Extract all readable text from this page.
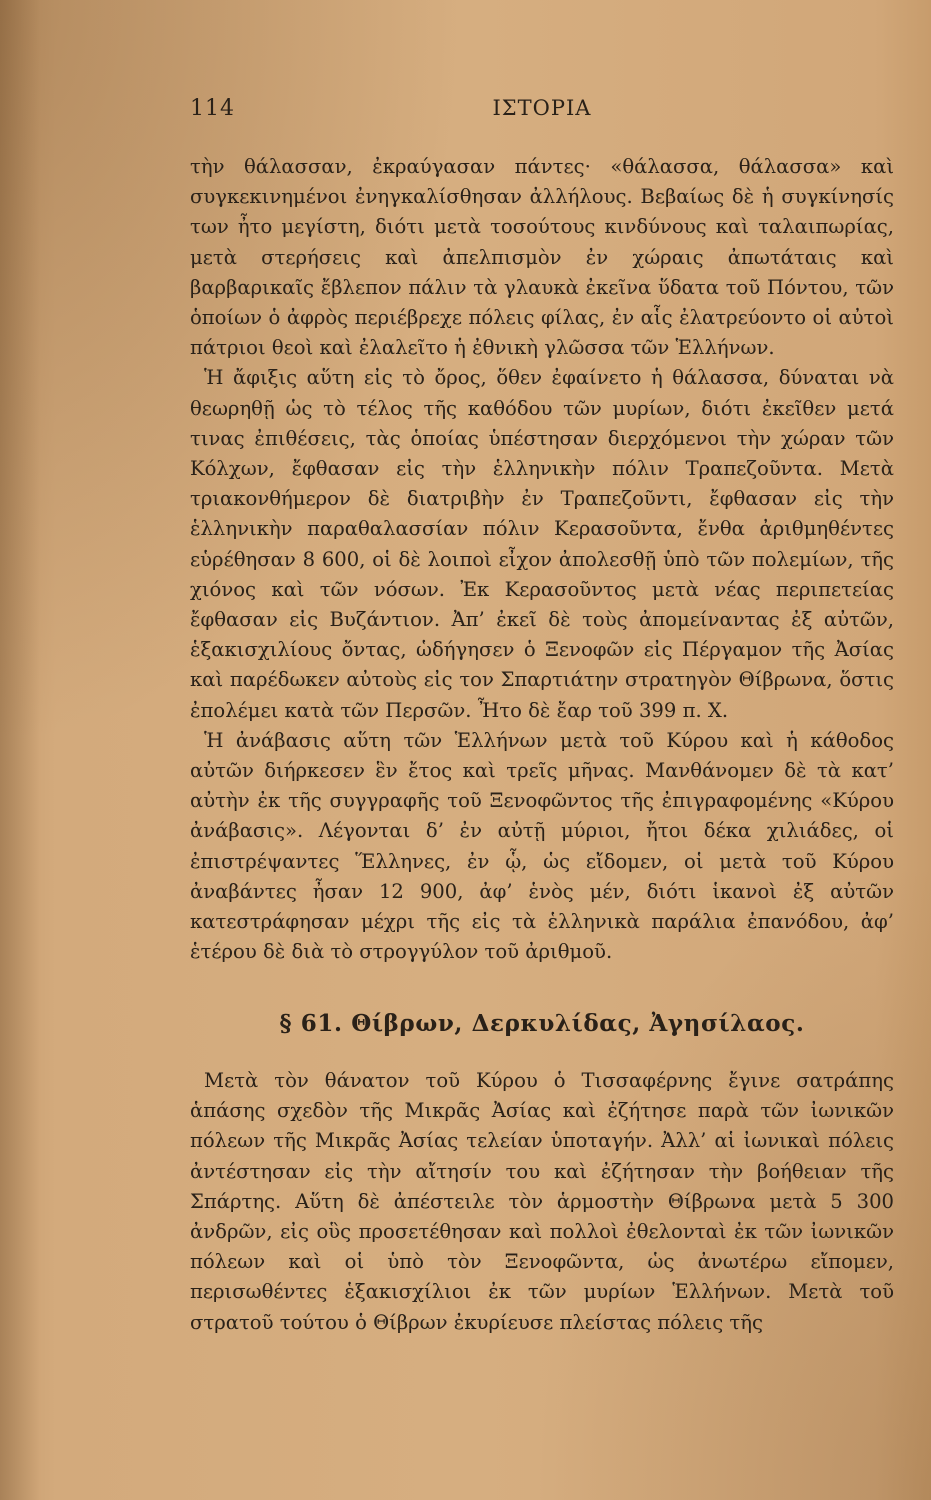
114	ΙΣΤΟΡΙΑ

τὴν θάλασσαν, ἐκραύγασαν πάντες· «θάλασσα, θάλασσα» καὶ συγκεκινημένοι ἐνηγκαλίσθησαν ἀλλήλους. Βεβαίως δὲ ἡ συγκίνησίς των ἦτο μεγίστη, διότι μετὰ τοσούτους κινδύνους καὶ ταλαιπωρίας, μετὰ στερήσεις καὶ ἀπελπισμὸν ἐν χώραις ἀπωτάταις καὶ βαρβαρικαῖς ἔβλεπον πάλιν τὰ γλαυκὰ ἐκεῖνα ὕδατα τοῦ Πόντου, τῶν ὁποίων ὁ ἀφρὸς περιέβρεχε πόλεις φίλας, ἐν αἷς ἐλατρεύοντο οἱ αὐτοὶ πάτριοι θεοὶ καὶ ἐλαλεῖτο ἡ ἐθνικὴ γλῶσσα τῶν Ἑλλήνων.

Ἡ ἄφιξις αὕτη εἰς τὸ ὄρος, ὅθεν ἐφαίνετο ἡ θάλασσα, δύναται νὰ θεωρηθῇ ὡς τὸ τέλος τῆς καθόδου τῶν μυρίων, διότι ἐκεῖθεν μετά τινας ἐπιθέσεις, τὰς ὁποίας ὑπέστησαν διερχόμενοι τὴν χώραν τῶν Κόλχων, ἔφθασαν εἰς τὴν ἑλληνικὴν πόλιν Τραπεζοῦντα. Μετὰ τριακονθήμερον δὲ διατριβὴν ἐν Τραπεζοῦντι, ἔφθασαν εἰς τὴν ἑλληνικὴν παραθαλασσίαν πόλιν Κερασοῦντα, ἔνθα ἀριθμηθέντες εὑρέθησαν 8 600, οἱ δὲ λοιποὶ εἶχον ἀπολεσθῇ ὑπὸ τῶν πολεμίων, τῆς χιόνος καὶ τῶν νόσων. Ἐκ Κερασοῦντος μετὰ νέας περιπετείας ἔφθασαν εἰς Βυζάντιον. Ἀπ’ ἐκεῖ δὲ τοὺς ἀπομείναντας ἐξ αὐτῶν, ἑξακισχιλίους ὄντας, ὡδήγησεν ὁ Ξενοφῶν εἰς Πέργαμον τῆς Ἀσίας καὶ παρέδωκεν αὐτοὺς εἰς τον Σπαρτιάτην στρατηγὸν Θίβρωνα, ὅστις ἐπολέμει κατὰ τῶν Περσῶν. Ἦτο δὲ ἔαρ τοῦ 399 π. Χ.

Ἡ ἀνάβασις αὕτη τῶν Ἑλλήνων μετὰ τοῦ Κύρου καὶ ἡ κάθοδος αὐτῶν διήρκεσεν ἓν ἔτος καὶ τρεῖς μῆνας. Μανθάνομεν δὲ τὰ κατ’ αὐτὴν ἐκ τῆς συγγραφῆς τοῦ Ξενοφῶντος τῆς ἐπιγραφομένης «Κύρου ἀνάβασις». Λέγονται δ’ ἐν αὐτῇ μύριοι, ἤτοι δέκα χιλιάδες, οἱ ἐπιστρέψαντες Ἕλληνες, ἐν ᾧ, ὡς εἴδομεν, οἱ μετὰ τοῦ Κύρου ἀναβάντες ἦσαν 12 900, ἀφ’ ἑνὸς μέν, διότι ἱκανοὶ ἐξ αὐτῶν κατεστράφησαν μέχρι τῆς εἰς τὰ ἑλληνικὰ παράλια ἐπανόδου, ἀφ’ ἑτέρου δὲ διὰ τὸ στρογγύλον τοῦ ἀριθμοῦ.

§ 61. Θίβρων, Δερκυλίδας, Ἀγησίλαος.

Μετὰ τὸν θάνατον τοῦ Κύρου ὁ Τισσαφέρνης ἔγινε σατράπης ἁπάσης σχεδὸν τῆς Μικρᾶς Ἀσίας καὶ ἐζήτησε παρὰ τῶν ἰωνικῶν πόλεων τῆς Μικρᾶς Ἀσίας τελείαν ὑποταγήν. Ἀλλ’ αἱ ἰωνικαὶ πόλεις ἀντέστησαν εἰς τὴν αἴτησίν του καὶ ἐζήτησαν τὴν βοήθειαν τῆς Σπάρτης. Αὕτη δὲ ἀπέστειλε τὸν ἁρμοστὴν Θίβρωνα μετὰ 5 300 ἀνδρῶν, εἰς οὓς προσετέθησαν καὶ πολλοὶ ἐθελονταὶ ἐκ τῶν ἰωνικῶν πόλεων καὶ οἱ ὑπὸ τὸν Ξενοφῶντα, ὡς ἀνωτέρω εἴπομεν, περισωθέντες ἑξακισχίλιοι ἐκ τῶν μυρίων Ἑλλήνων. Μετὰ τοῦ στρατοῦ τούτου ὁ Θίβρων ἐκυρίευσε πλείστας πόλεις τῆς
